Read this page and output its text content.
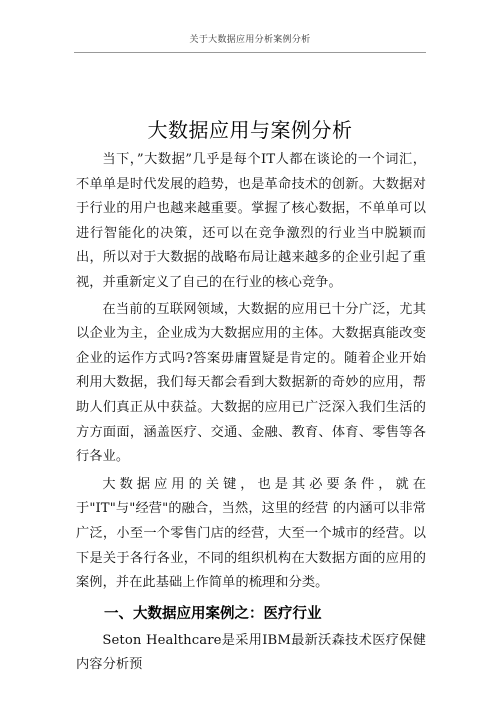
关于大数据应用分析案例分析
大数据应用与案例分析

当下，”大数据”几乎是每个IT人都在谈论的一个词汇，不单单是时代发展的趋势，也是革命技术的创新。大数据对于行业的用户也越来越重要。掌握了核心数据，不单单可以进行智能化的决策，还可以在竞争激烈的行业当中脱颖而出，所以对于大数据的战略布局让越来越多的企业引起了重视，并重新定义了自己的在行业的核心竞争。

在当前的互联网领域，大数据的应用已十分广泛，尤其以企业为主，企业成为大数据应用的主体。大数据真能改变企业的运作方式吗?答案毋庸置疑是肯定的。随着企业开始利用大数据，我们每天都会看到大数据新的奇妙的应用，帮助人们真正从中获益。大数据的应用已广泛深入我们生活的方方面面，涵盖医疗、交通、金融、教育、体育、零售等各行各业。

大数据应用的关键，也是其必要条件，就在于"IT"与"经营"的融合，当然，这里的经营 的内涵可以非常广泛，小至一个零售门店的经营，大至一个城市的经营。以下是关于各行各业，不同的组织机构在大数据方面的应用的案例，并在此基础上作简单的梳理和分类。

一、大数据应用案例之：医疗行业

Seton Healthcare是采用IBM最新沃森技术医疗保健内容分析预
